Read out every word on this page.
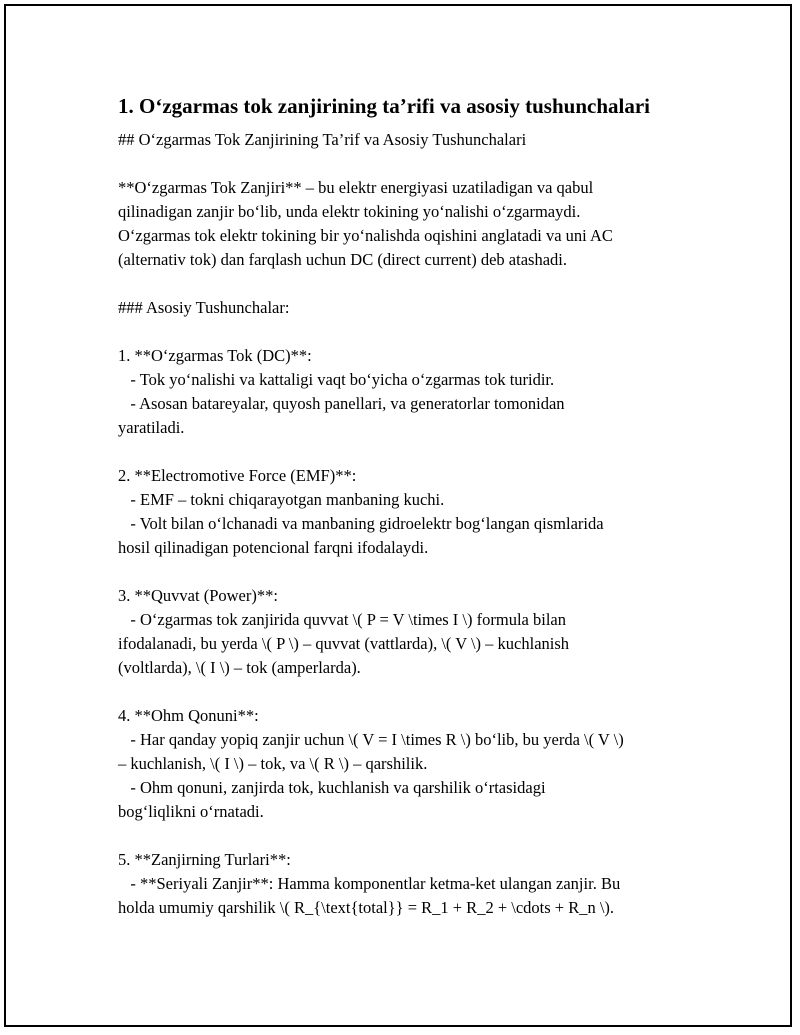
1. O‘zgarmas tok zanjirining ta’rifi va asosiy tushunchalari
## O‘zgarmas Tok Zanjirining Ta’rif va Asosiy Tushunchalari
**O‘zgarmas Tok Zanjiri** – bu elektr energiyasi uzatiladigan va qabul
qilinadigan zanjir bo‘lib, unda elektr tokining yo‘nalishi o‘zgarmaydi.
O‘zgarmas tok elektr tokining bir yo‘nalishda oqishini anglatadi va uni AC
(alternativ tok) dan farqlash uchun DC (direct current) deb atashadi.
### Asosiy Tushunchalar:
1. **O‘zgarmas Tok (DC)**:
- Tok yo‘nalishi va kattaligi vaqt bo‘yicha o‘zgarmas tok turidir.
- Asosan batareyalar, quyosh panellari, va generatorlar tomonidan
yaratiladi.
2. **Electromotive Force (EMF)**:
- EMF – tokni chiqarayotgan manbaning kuchi.
- Volt bilan o‘lchanadi va manbaning gidroelektr bog‘langan qismlarida
hosil qilinadigan potencional farqni ifodalaydi.
3. **Quvvat (Power)**:
- O‘zgarmas tok zanjirida quvvat \( P = V \times I \) formula bilan
ifodalanadi, bu yerda \( P \) – quvvat (vattlarda), \( V \) – kuchlanish
(voltlarda), \( I \) – tok (amperlarda).
4. **Ohm Qonuni**:
- Har qanday yopiq zanjir uchun \( V = I \times R \) bo‘lib, bu yerda \( V \)
– kuchlanish, \( I \) – tok, va \( R \) – qarshilik.
- Ohm qonuni, zanjirda tok, kuchlanish va qarshilik o‘rtasidagi
bog‘liqlikni o‘rnatadi.
5. **Zanjirning Turlari**:
- **Seriyali Zanjir**: Hamma komponentlar ketma-ket ulangan zanjir. Bu
holda umumiy qarshilik \( R_{\text{total}} = R_1 + R_2 + \cdots + R_n \).
